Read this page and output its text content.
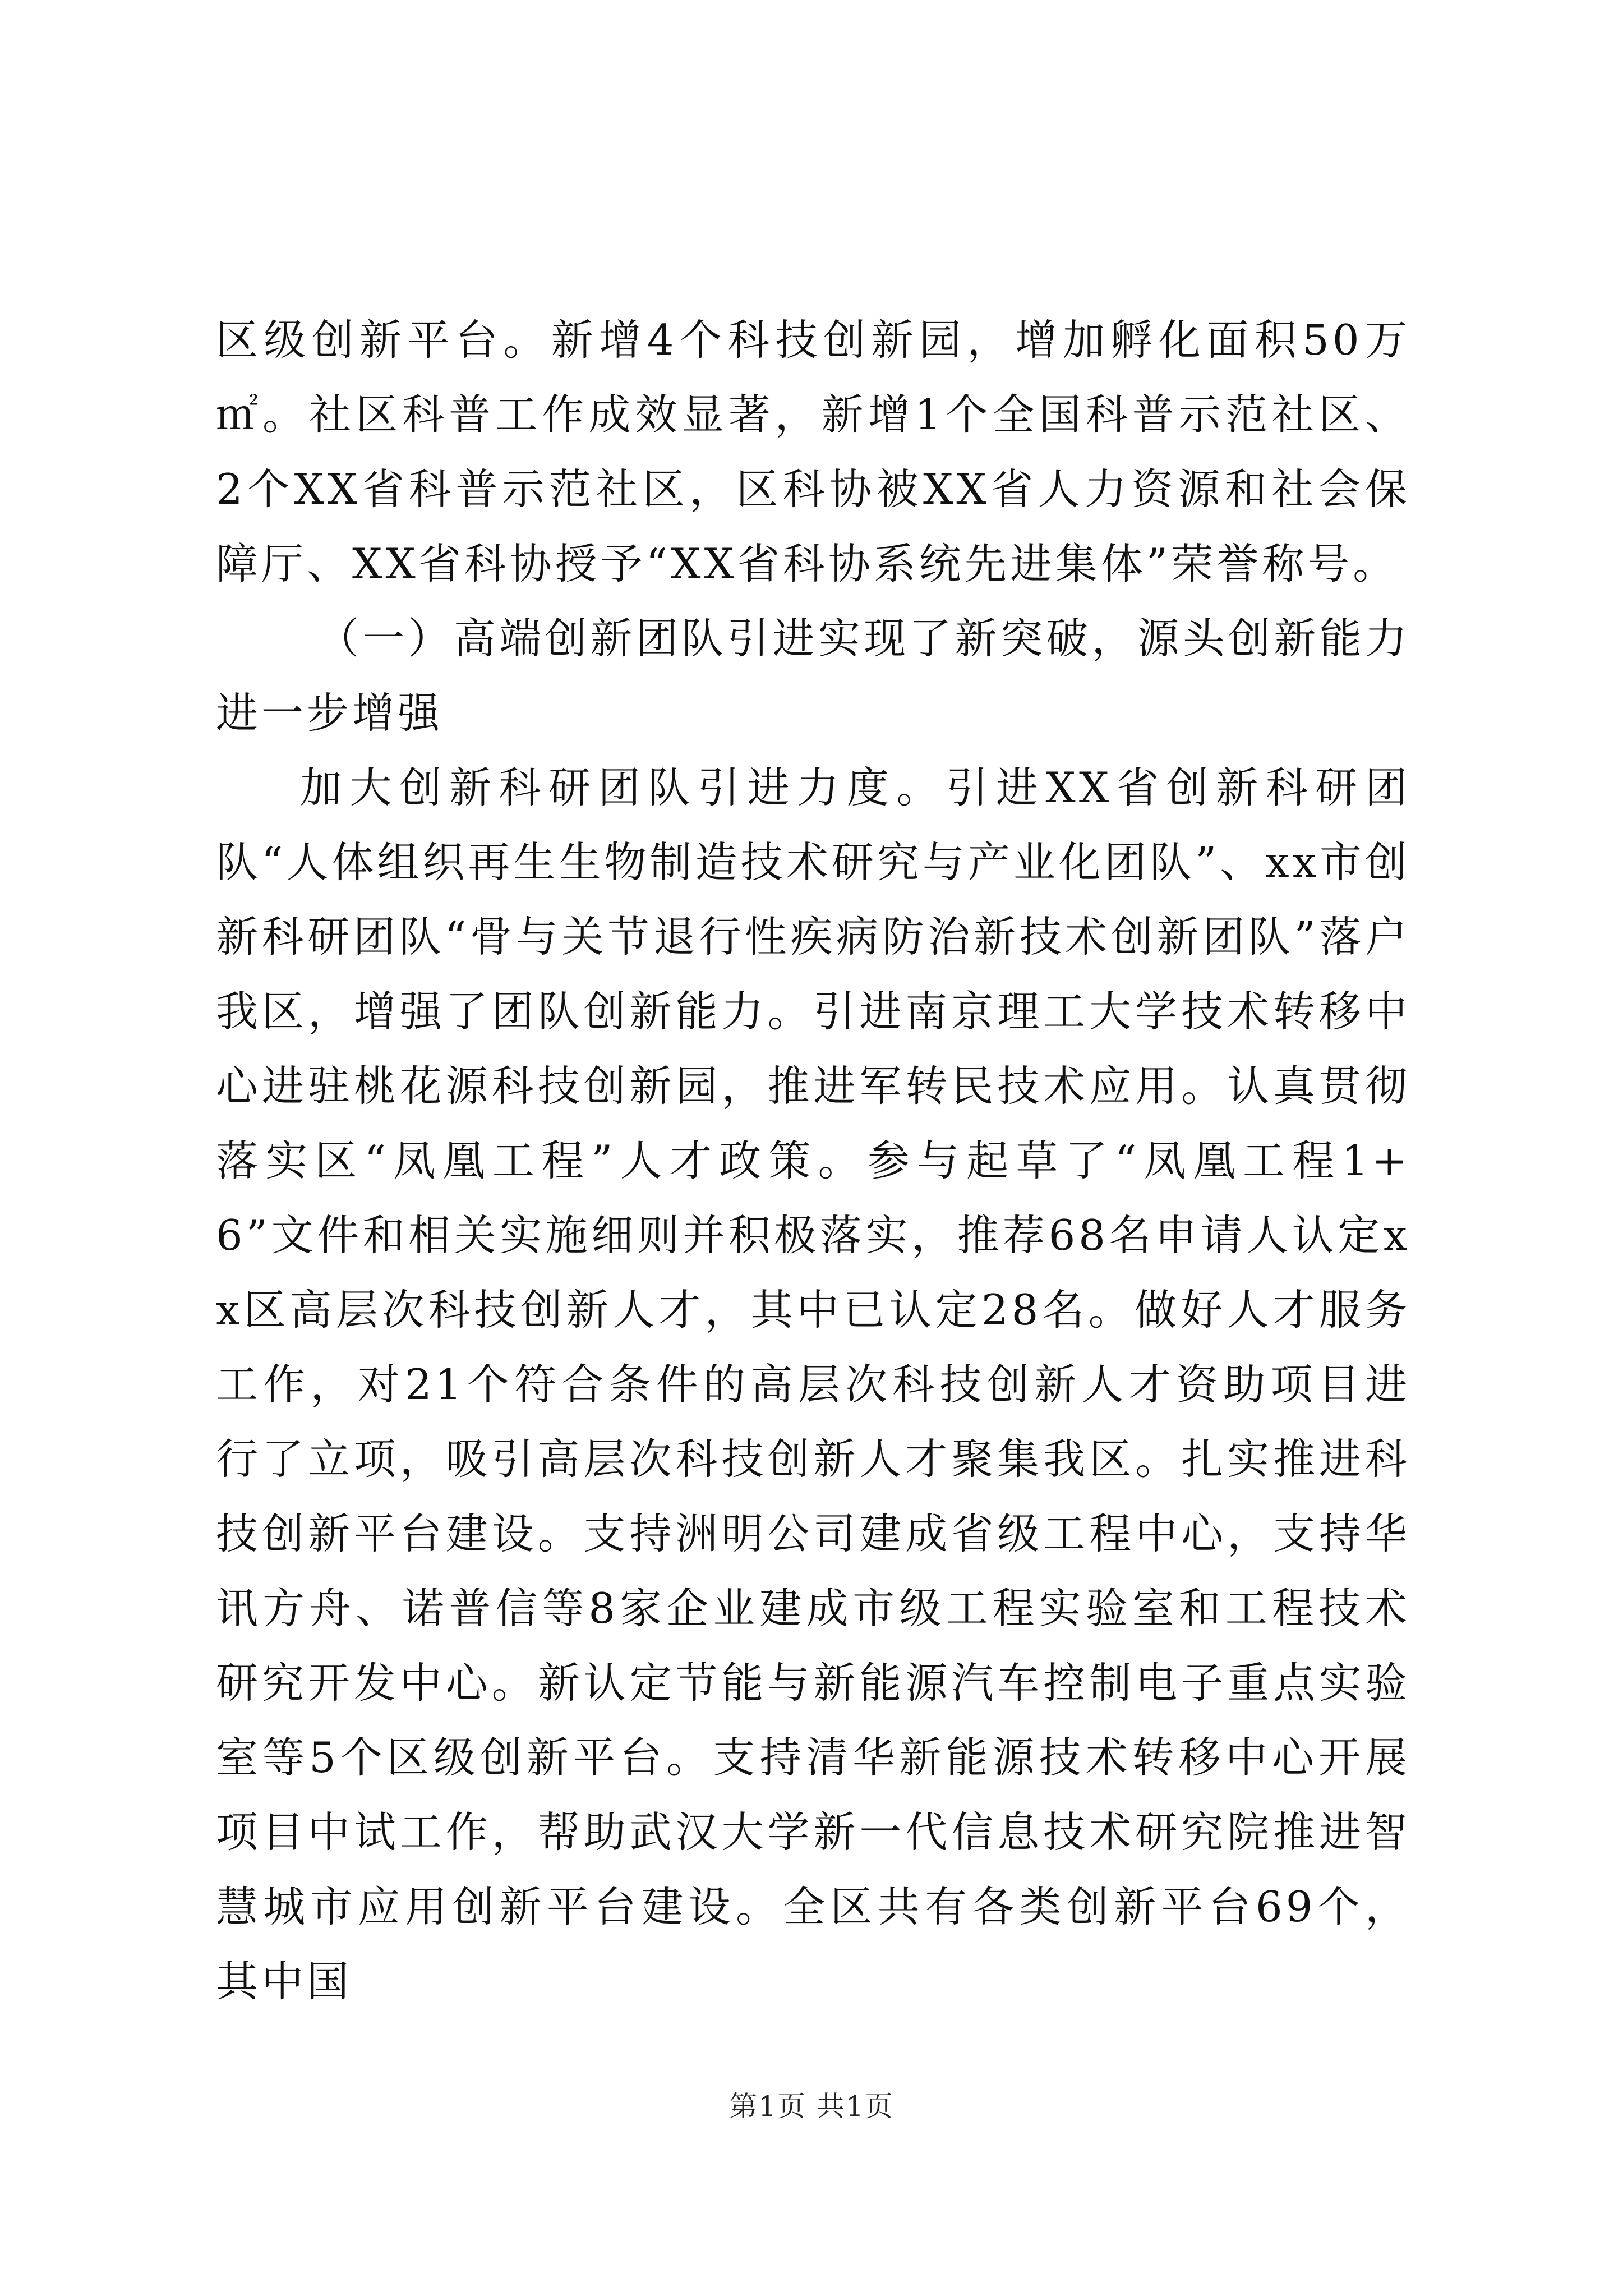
区级创新平台。新增4个科技创新园，增加孵化面积50万㎡。社区科普工作成效显著，新增1个全国科普示范社区、2个XX省科普示范社区，区科协被XX省人力资源和社会保障厅、XX省科协授予“XX省科协系统先进集体”荣誉称号。

（一）高端创新团队引进实现了新突破，源头创新能力进一步增强

加大创新科研团队引进力度。引进XX省创新科研团队“人体组织再生生物制造技术研究与产业化团队”、xx市创新科研团队“骨与关节退行性疾病防治新技术创新团队”落户我区，增强了团队创新能力。引进南京理工大学技术转移中心进驻桃花源科技创新园，推进军转民技术应用。认真贯彻落实区“凤凰工程”人才政策。参与起草了“凤凰工程1+6”文件和相关实施细则并积极落实，推荐68名申请人认定xx区高层次科技创新人才，其中已认定28名。做好人才服务工作，对21个符合条件的高层次科技创新人才资助项目进行了立项，吸引高层次科技创新人才聚集我区。扎实推进科技创新平台建设。支持洲明公司建成省级工程中心，支持华讯方舟、诺普信等8家企业建成市级工程实验室和工程技术研究开发中心。新认定节能与新能源汽车控制电子重点实验室等5个区级创新平台。支持清华新能源技术转移中心开展项目中试工作，帮助武汉大学新一代信息技术研究院推进智慧城市应用创新平台建设。全区共有各类创新平台69个，其中国

第1页 共1页
